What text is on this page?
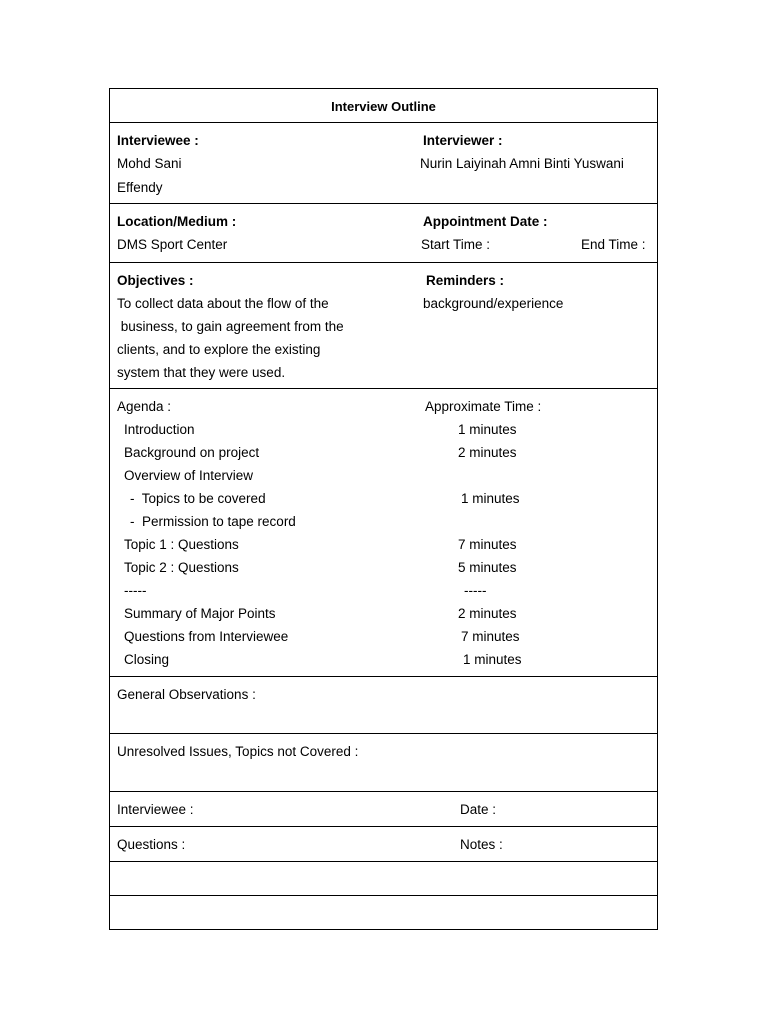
Interview Outline
Interviewee :
Mohd Sani
Effendy
Interviewer :
Nurin Laiyinah Amni Binti Yuswani
Location/Medium :
DMS Sport Center
Appointment Date :
Start Time :	End Time :
Objectives :
To collect data about the flow of the
business, to gain agreement from the
clients, and to explore the existing
system that they were used.
Reminders :
background/experience
Agenda :	Approximate Time :
Introduction	1 minutes
Background on project	2 minutes
Overview of Interview
-  Topics to be covered	1 minutes
-  Permission to tape record
Topic 1 : Questions	7 minutes
Topic 2 : Questions	5 minutes
-----	-----
Summary of Major Points	2 minutes
Questions from Interviewee	7 minutes
Closing	1 minutes
General Observations :
Unresolved Issues, Topics not Covered :
Interviewee :	Date :
Questions :	Notes :
